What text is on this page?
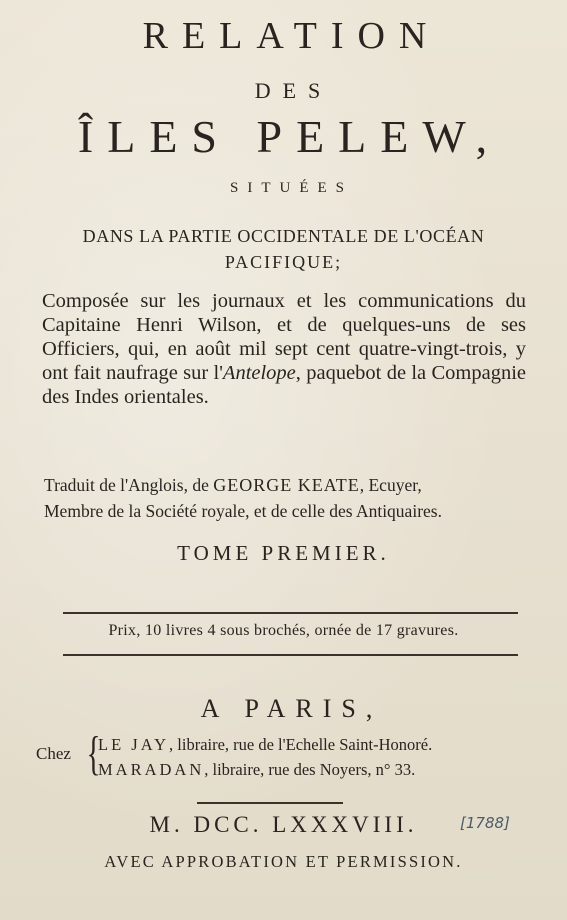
RELATION
DES
ÎLES PELEW,
SITUÉES
DANS LA PARTIE OCCIDENTALE DE L'OCÉAN
PACIFIQUE;
Composée sur les journaux et les communications du Capitaine Henri Wilson, et de quelques-uns de ses Officiers, qui, en août mil sept cent quatre-vingt-trois, y ont fait naufrage sur l'Antelope, paquebot de la Compagnie des Indes orientales.
Traduit de l'Anglois, de GEORGE KEATE, Ecuyer,
Membre de la Société royale, et de celle des Antiquaires.
TOME PREMIER.
Prix, 10 livres 4 sous brochés, ornée de 17 gravures.
A PARIS,
Chez {
LE JAY, libraire, rue de l'Echelle Saint-Honoré.
MARADAN, libraire, rue des Noyers, n° 33.
M. DCC. LXXXVIII.	[1788]
AVEC APPROBATION ET PERMISSION.
